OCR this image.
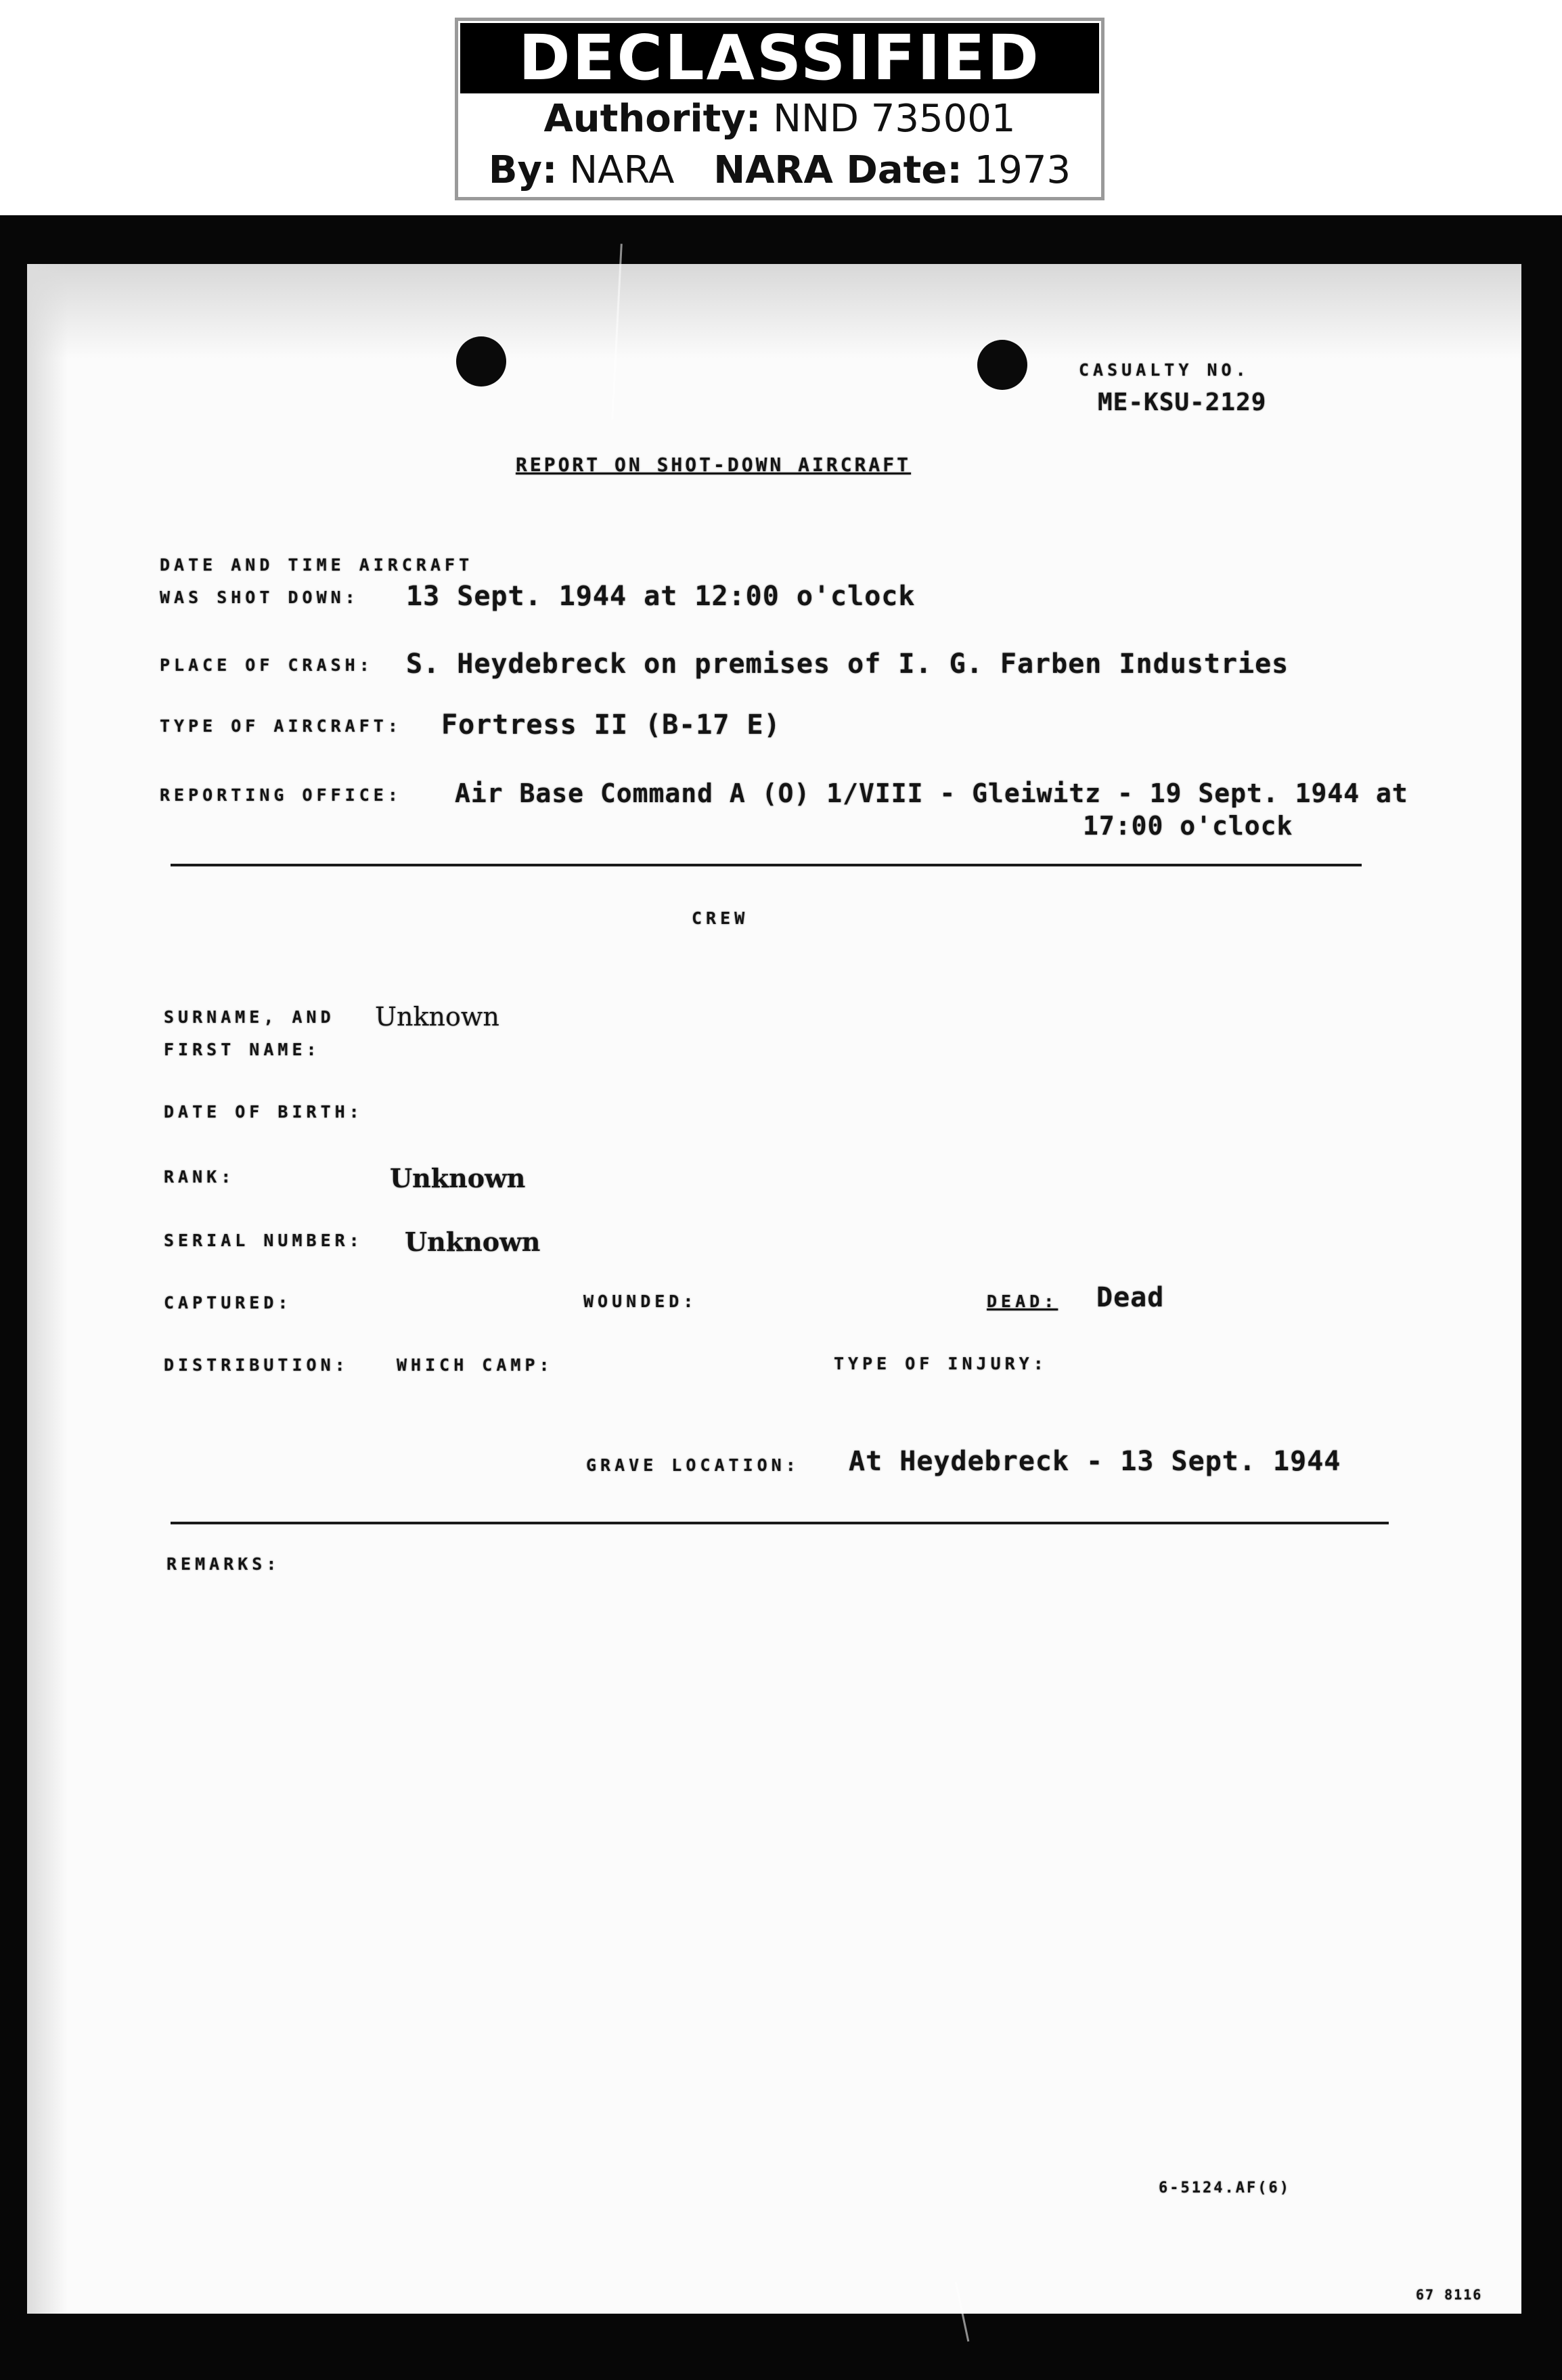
DECLASSIFIED
Authority: NND 735001
By: NARA NARA Date: 1973
CASUALTY NO.
ME-KSU-2129
REPORT ON SHOT-DOWN AIRCRAFT
DATE AND TIME AIRCRAFT
WAS SHOT DOWN: 13 Sept. 1944 at 12:00 o'clock
PLACE OF CRASH: S. Heydebreck on premises of I. G. Farben Industries
TYPE OF AIRCRAFT: Fortress II (B-17 E)
REPORTING OFFICE: Air Base Command A (O) 1/VIII - Gleiwitz - 19 Sept. 1944 at
17:00 o'clock
CREW
SURNAME, AND
FIRST NAME:
Unknown
DATE OF BIRTH:
RANK:	Unknown
SERIAL NUMBER: Unknown
CAPTURED:	WOUNDED:	DEAD: Dead
DISTRIBUTION:	WHICH CAMP:	TYPE OF INJURY:
GRAVE LOCATION: At Heydebreck - 13 Sept. 1944
REMARKS:
6-5124.AF(6)
67 8116
